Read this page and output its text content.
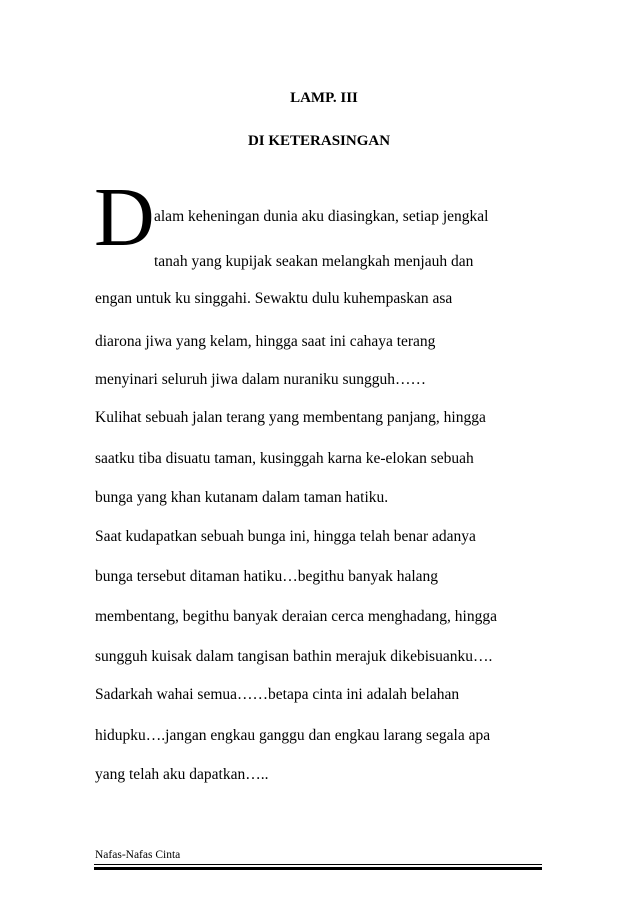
LAMP. III
DI KETERASINGAN
D alam keheningan dunia aku diasingkan, setiap jengkal
tanah yang kupijak seakan melangkah menjauh dan
engan untuk ku singgahi. Sewaktu dulu kuhempaskan asa
diarona jiwa yang kelam, hingga saat ini cahaya terang
menyinari seluruh jiwa dalam nuraniku sungguh……
Kulihat sebuah jalan terang yang membentang panjang, hingga
saatku tiba disuatu taman, kusinggah karna ke-elokan sebuah
bunga yang khan kutanam dalam taman hatiku.
Saat kudapatkan sebuah bunga ini, hingga telah benar adanya
bunga tersebut ditaman hatiku…begithu banyak halang
membentang, begithu banyak deraian cerca menghadang, hingga
sungguh kuisak dalam tangisan bathin merajuk dikebisuanku….
Sadarkah wahai semua……betapa cinta ini adalah belahan
hidupku….jangan engkau ganggu dan engkau larang segala apa
yang telah aku dapatkan…..
Nafas-Nafas Cinta
